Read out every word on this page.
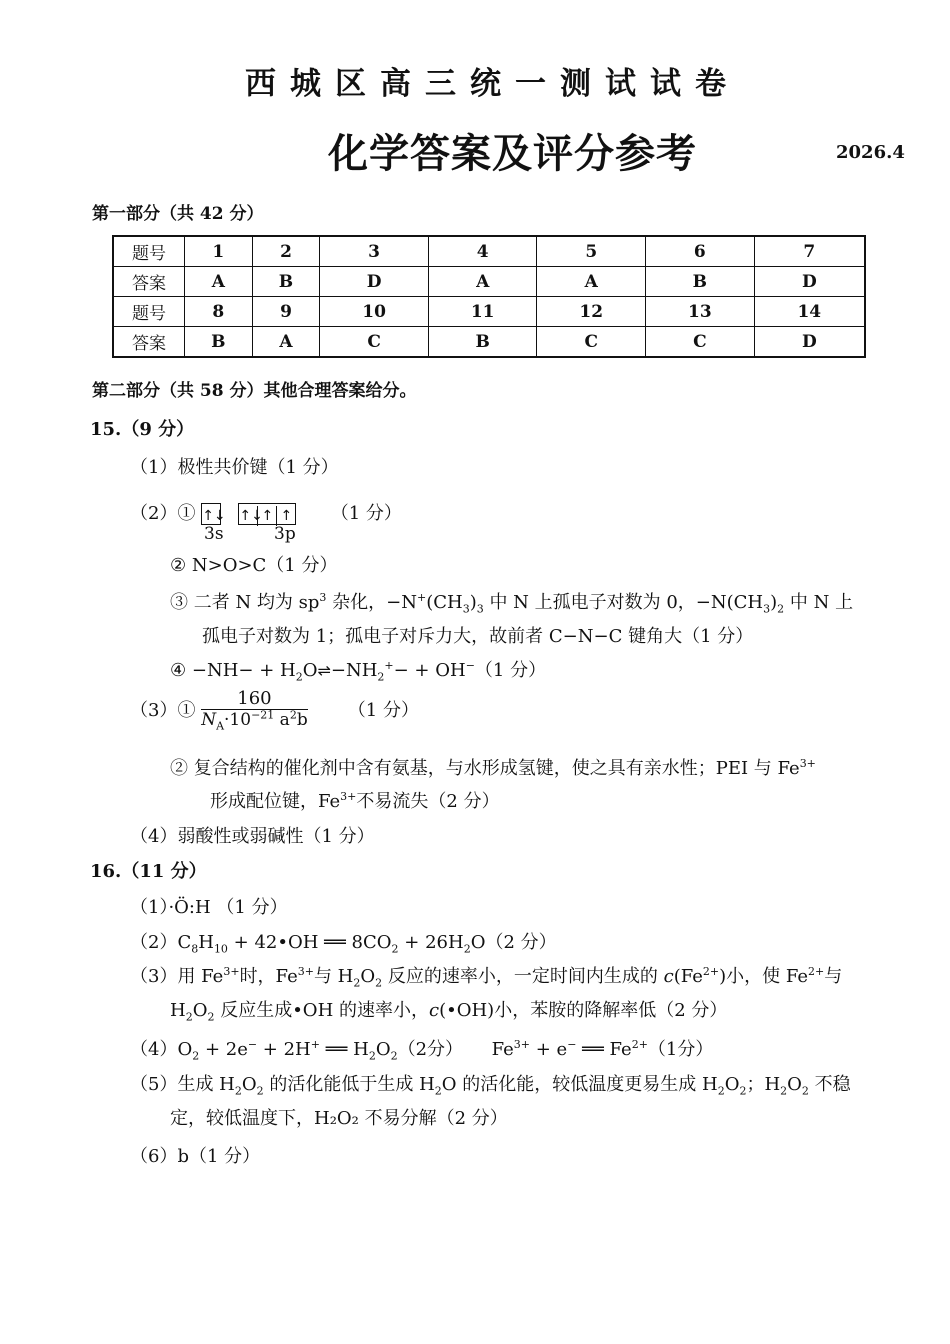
西城区高三统一测试试卷
化学答案及评分参考	2026.4
第一部分（共 42 分）
题号	1	2	3	4	5	6	7
答案	A	B	D	A	A	B	D
题号	8	9	10	11	12	13	14
答案	B	A	C	B	C	C	D
第二部分（共 58 分）其他合理答案给分。
15.（9 分）
（1）极性共价键（1 分）
（2）① ↑↓ ↑↓↑ ↑ （1 分）
3s	3p
② N>O>C（1 分）
③ 二者 N 均为 $sp^3$ 杂化，$-N^+(CH_3)_3$ 中 N 上孤电子对数为 0，$-N(CH_3)_2$ 中 N 上
孤电子对数为 1；孤电子对斥力大，故前者 C−N−C 键角大（1 分）
④ $-NH- + H_2O\rightleftharpoons-NH_2^+- + OH^-(1$ 分）
（3）① $\frac{160}{N_A\cdot 10^{-21} a^2b} (1$ 分）
② 复合结构的催化剂中含有氨基，与水形成氢键，使之具有亲水性；PEI 与 $Fe^{3+}$
形成配位键，$Fe^{3+}$不易流失（2 分）
（4）弱酸性或弱碱性（1 分）
16.（11 分）
（1）·Ö:H （1 分）
$(2)C_8H_{10}$ + 42•OH ══ $8CO_2 + 26H_2O(2$ 分）
（3）用 $Fe^{3+}$时，$Fe^{3+}$与 $H_2O_2$ 反应的速率小，一定时间内生成的 $c(Fe^{2+})$小，使 $Fe^{2+}$与
$H_2O_2$ 反应生成•OH 的速率小，c(•OH)小，苯胺的降解率低（2 分）
$(4)O_2 + 2e^- + 2H^+$ ══ $H_2O_2(2$分）     $Fe^{3+} + e^-$ ══ $Fe^{2+}(1$分）
（5）生成 $H_2O_2$ 的活化能低于生成 $H_2O$ 的活化能，较低温度更易生成 $H_2O_2$；$H_2O_2$ 不稳
定，较低温度下，H₂O₂ 不易分解（2 分）
（6）b（1 分）
